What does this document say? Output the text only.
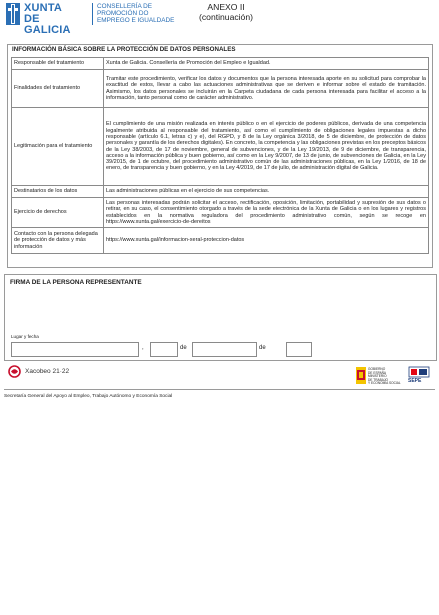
XUNTA
DE GALICIA
CONSELLERÍA DE
PROMOCIÓN DO
EMPREGO E IGUALDADE
ANEXO II
(continuación)
INFORMACIÓN BÁSICA SOBRE LA PROTECCIÓN DE DATOS PERSONALES
Responsable del tratamiento	Xunta de Galicia. Consellería de Promoción del Empleo e Igualdad.
Finalidades del tratamiento	Tramitar este procedimiento, verificar los datos y documentos que la persona interesada aporte en su solicitud para comprobar la exactitud de estos, llevar a cabo las actuaciones administrativas que se deriven e informar sobre el estado de tramitación. Asimismo, los datos personales se incluirán en la Carpeta ciudadana de cada persona interesada para facilitar el acceso a la información, tanto personal como de carácter administrativo.
Legitimación para el tratamiento	El cumplimiento de una misión realizada en interés público o en el ejercicio de poderes públicos, derivada de una competencia legalmente atribuida al responsable del tratamiento, así como el cumplimiento de obligaciones legales impuestas a dicho responsable (artículo 6.1, letras c) y e), del RGPD, y 8 de la Ley orgánica 3/2018, de 5 de diciembre, de protección de datos personales y garantía de los derechos digitales). En concreto, la competencia y las obligaciones previstas en los preceptos básicos de la Ley 38/2003, de 17 de noviembre, general de subvenciones, y de la Ley 19/2013, de 9 de diciembre, de transparencia, acceso a la información pública y buen gobierno, así como en la Ley 9/2007, de 13 de junio, de subvenciones de Galicia, en la Ley 39/2015, de 1 de octubre, del procedimiento administrativo común de las administraciones públicas, en la Ley 1/2016, de 18 de enero, de transparencia y buen gobierno, y en la Ley 4/2019, de 17 de julio, de administración digital de Galicia.
Destinatarios de los datos	Las administraciones públicas en el ejercicio de sus competencias.
Ejercicio de derechos	Las personas interesadas podrán solicitar el acceso, rectificación, oposición, limitación, portabilidad y supresión de sus datos o retirar, en su caso, el consentimiento otorgado a través de la sede electrónica de la Xunta de Galicia o en los lugares y registros establecidos en la normativa reguladora del procedimiento administrativo común, según se recoge en https://www.xunta.gal/exercicio-de-dereitos
Contacto con la persona delegada de protección de datos y más información	https://www.xunta.gal/informacion-xeral-proteccion-datos
FIRMA DE LA PERSONA REPRESENTANTE
Lugar y fecha
,	de	de
Xacobeo 21·22	GOBIERNO
DE ESPAÑA
MINISTERIO
DE TRABAJO
Y ECONOMÍA SOCIAL SEPE
Secretaría General del Apoyo al Empleo, Trabajo Autónomo y Economía Social
